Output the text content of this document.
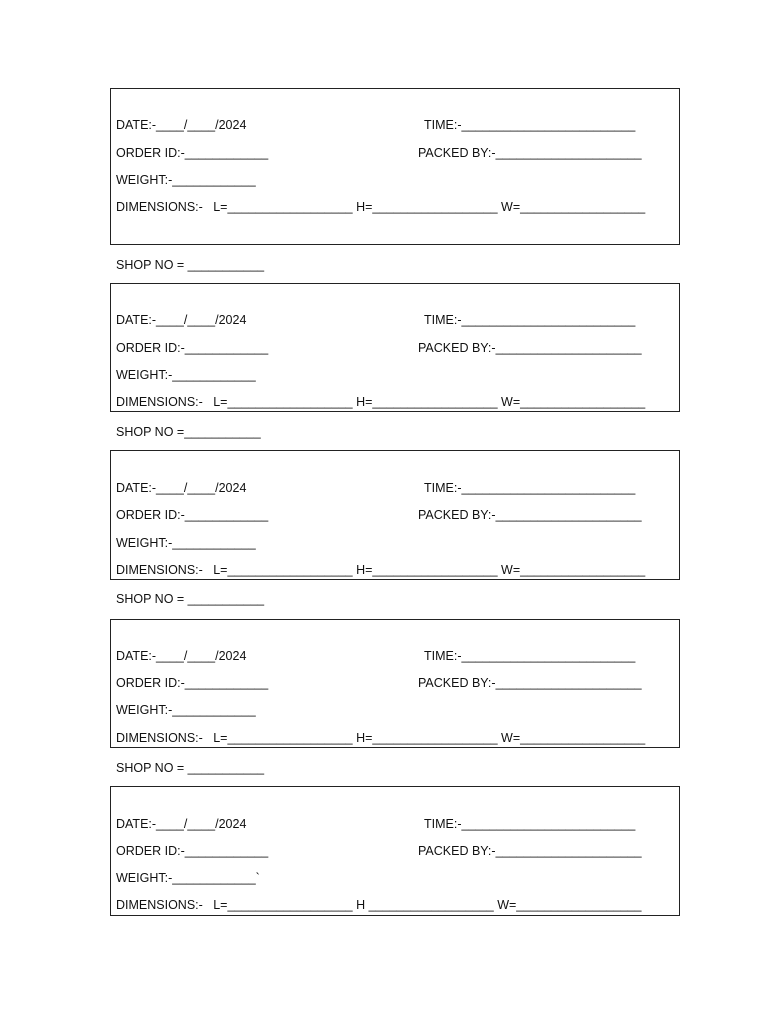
DATE:-____/____/2024	TIME:-_________________________
ORDER ID:-____________	PACKED BY:-_____________________
WEIGHT:-____________
DIMENSIONS:-   L=__________________ H=__________________ W=__________________
SHOP NO = ___________
DATE:-____/____/2024	TIME:-_________________________
ORDER ID:-____________	PACKED BY:-_____________________
WEIGHT:-____________
DIMENSIONS:-   L=__________________ H=__________________ W=__________________
SHOP NO =___________
DATE:-____/____/2024	TIME:-_________________________
ORDER ID:-____________	PACKED BY:-_____________________
WEIGHT:-____________
DIMENSIONS:-   L=__________________ H=__________________ W=__________________
SHOP NO = ___________
DATE:-____/____/2024	TIME:-_________________________
ORDER ID:-____________	PACKED BY:-_____________________
WEIGHT:-____________
DIMENSIONS:-   L=__________________ H=__________________ W=__________________
SHOP NO = ___________
DATE:-____/____/2024	TIME:-_________________________
ORDER ID:-____________	PACKED BY:-_____________________
WEIGHT:-____________`
DIMENSIONS:-   L=__________________ H __________________ W=__________________
